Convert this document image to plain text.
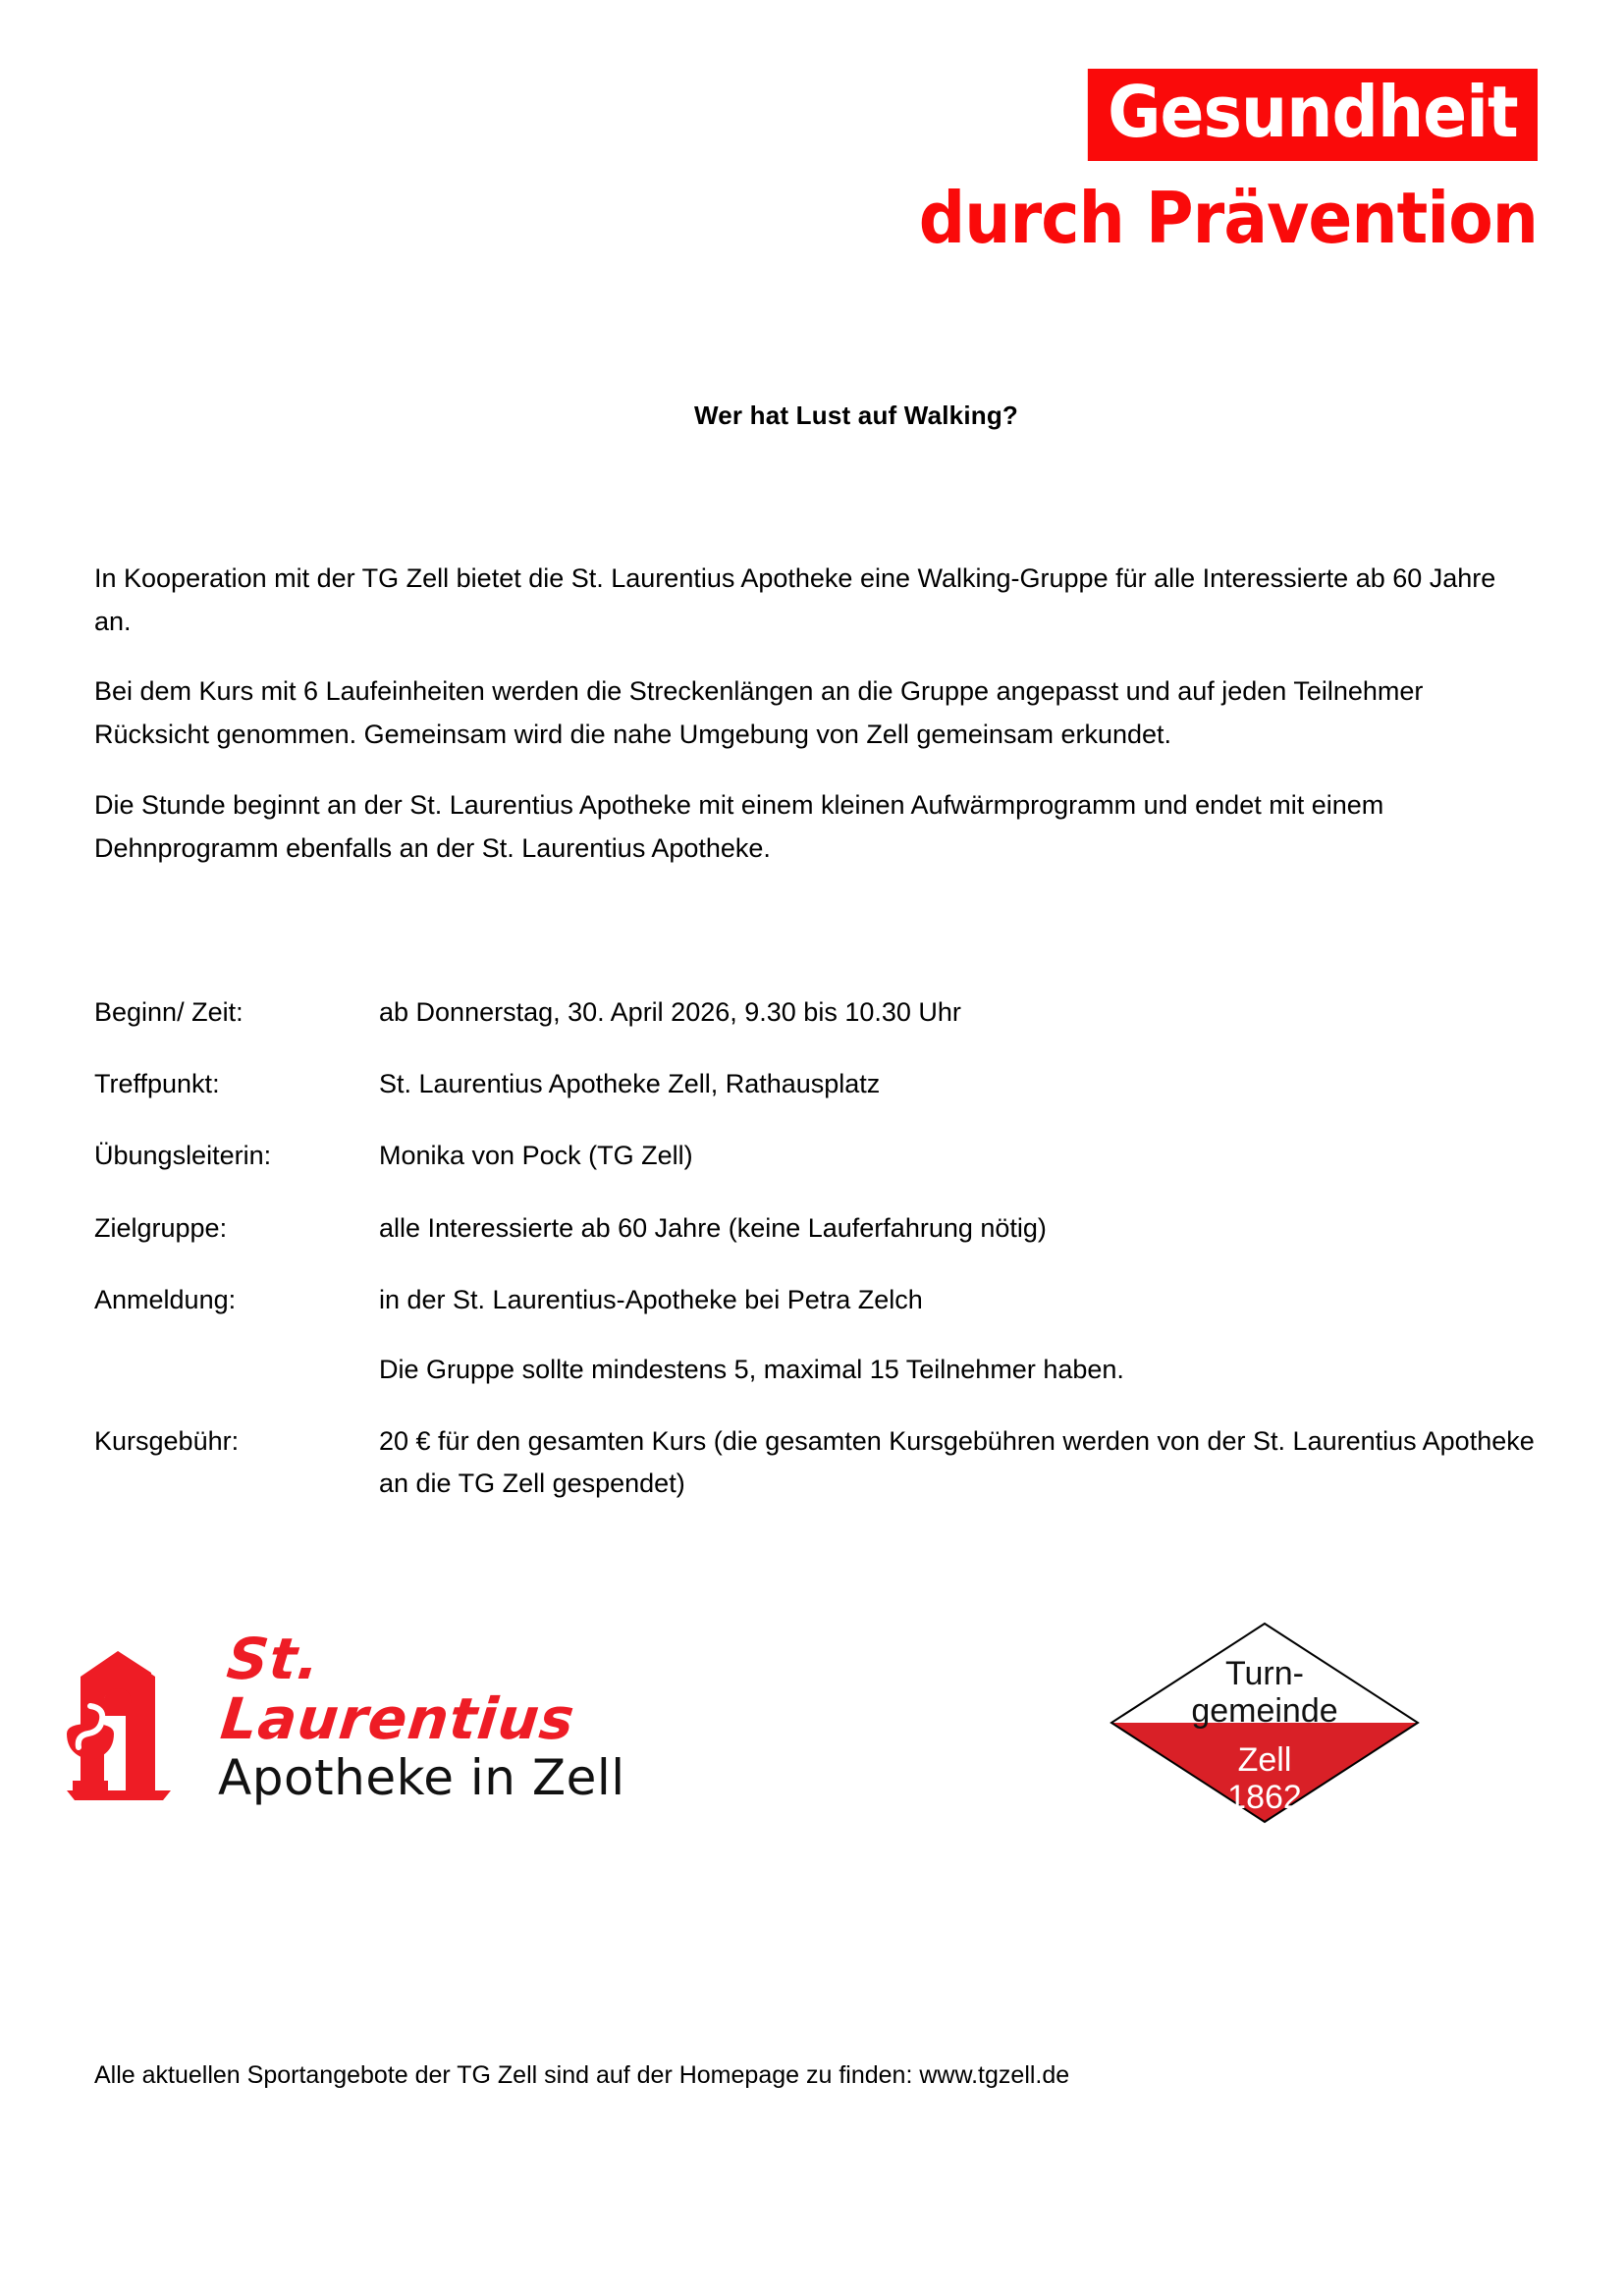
Gesundheit
durch Prävention
Wer hat Lust auf Walking?

In Kooperation mit der TG Zell bietet die St. Laurentius Apotheke eine Walking-Gruppe für alle Interessierte ab 60 Jahre an.

Bei dem Kurs mit 6 Laufeinheiten werden die Streckenlängen an die Gruppe angepasst und auf jeden Teilnehmer Rücksicht genommen. Gemeinsam wird die nahe Umgebung von Zell gemeinsam erkundet.

Die Stunde beginnt an der St. Laurentius Apotheke mit einem kleinen Aufwärmprogramm und endet mit einem Dehnprogramm ebenfalls an der St. Laurentius Apotheke.

Beginn/ Zeit:	ab Donnerstag, 30. April 2026, 9.30 bis 10.30 Uhr
Treffpunkt:	St. Laurentius Apotheke Zell, Rathausplatz
Übungsleiterin:	Monika von Pock (TG Zell)
Zielgruppe:	alle Interessierte ab 60 Jahre (keine Lauferfahrung nötig)
Anmeldung:	in der St. Laurentius-Apotheke bei Petra Zelch
Die Gruppe sollte mindestens 5, maximal 15 Teilnehmer haben.
Kursgebühr:	20 € für den gesamten Kurs (die gesamten Kursgebühren werden von der St. Laurentius Apotheke an die TG Zell gespendet)
St. Laurentius
Apotheke in Zell
Turn-
gemeinde
Zell
1862
Alle aktuellen Sportangebote der TG Zell sind auf der Homepage zu finden: www.tgzell.de
